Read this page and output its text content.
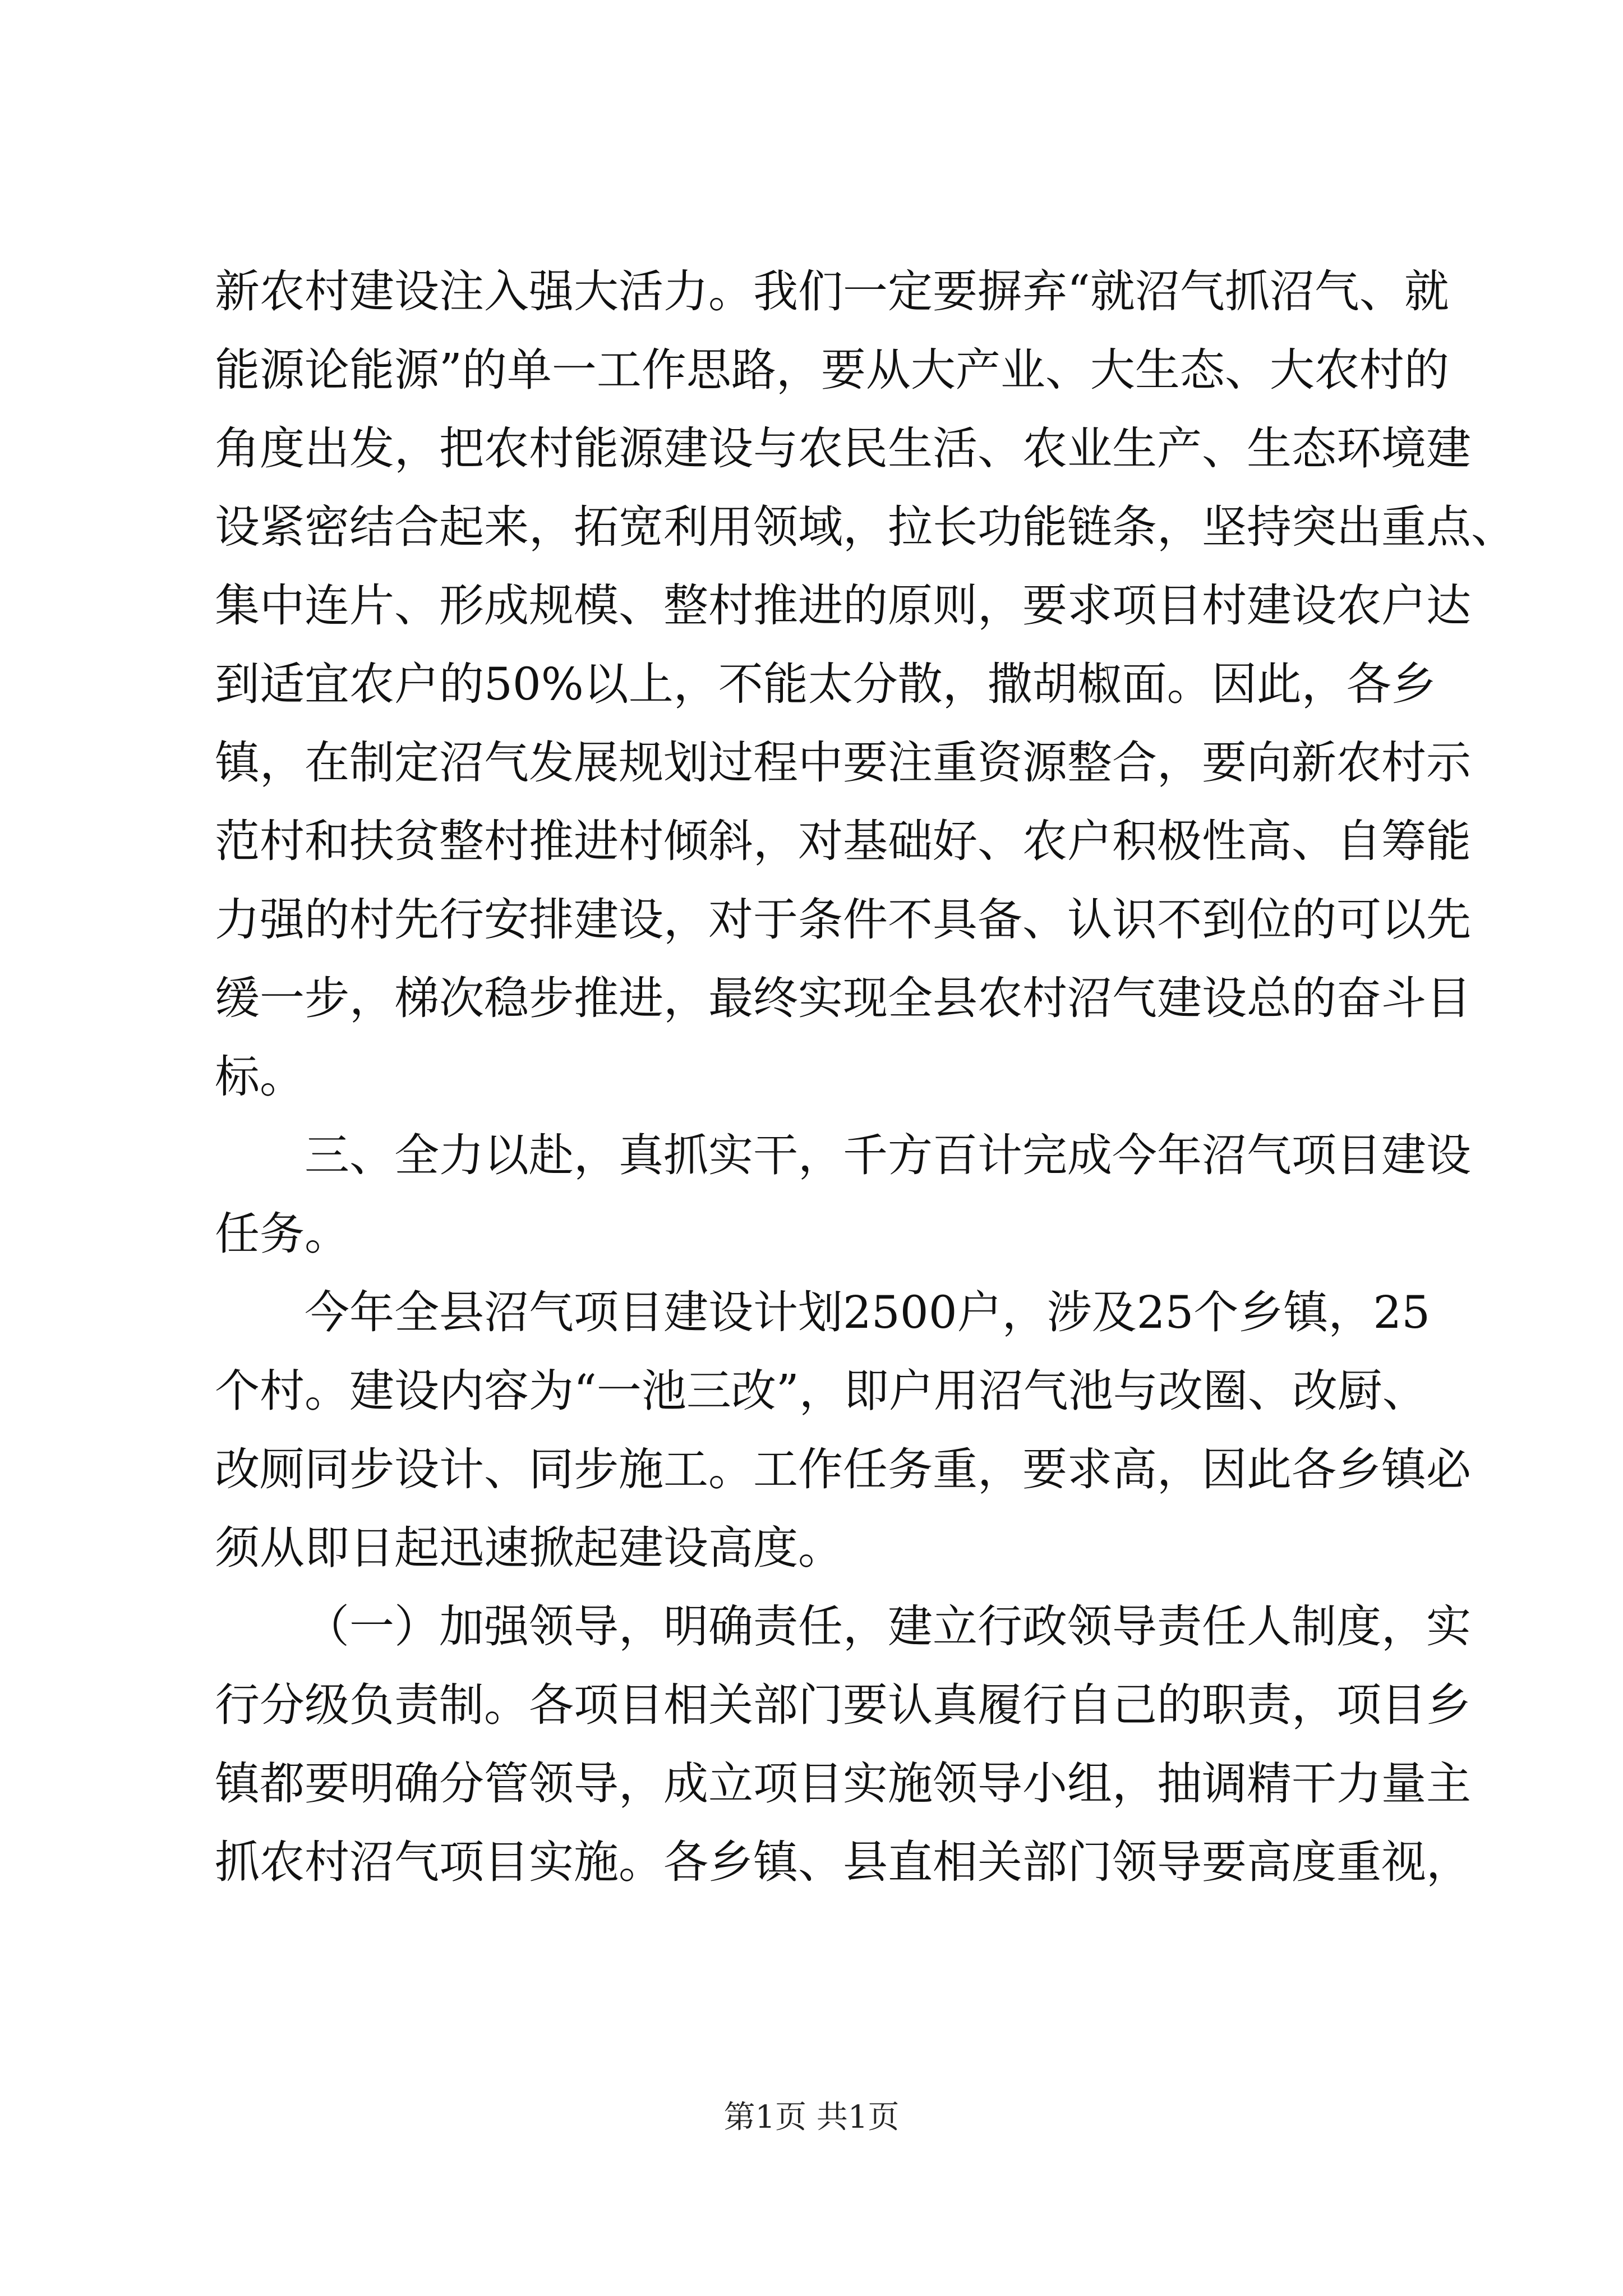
新农村建设注入强大活力。我们一定要摒弃“就沼气抓沼气、就
能源论能源”的单一工作思路，要从大产业、大生态、大农村的
角度出发，把农村能源建设与农民生活、农业生产、生态环境建
设紧密结合起来，拓宽利用领域，拉长功能链条，坚持突出重点、
集中连片、形成规模、整村推进的原则，要求项目村建设农户达
到适宜农户的50%以上，不能太分散，撒胡椒面。因此，各乡
镇，在制定沼气发展规划过程中要注重资源整合，要向新农村示
范村和扶贫整村推进村倾斜，对基础好、农户积极性高、自筹能
力强的村先行安排建设，对于条件不具备、认识不到位的可以先
缓一步，梯次稳步推进，最终实现全县农村沼气建设总的奋斗目
标。
三、全力以赴，真抓实干，千方百计完成今年沼气项目建设
任务。
今年全县沼气项目建设计划2500户，涉及25个乡镇，25
个村。建设内容为“一池三改”，即户用沼气池与改圈、改厨、
改厕同步设计、同步施工。工作任务重，要求高，因此各乡镇必
须从即日起迅速掀起建设高度。
（一）加强领导，明确责任，建立行政领导责任人制度，实
行分级负责制。各项目相关部门要认真履行自己的职责，项目乡
镇都要明确分管领导，成立项目实施领导小组，抽调精干力量主
抓农村沼气项目实施。各乡镇、县直相关部门领导要高度重视，
第1页 共1页
